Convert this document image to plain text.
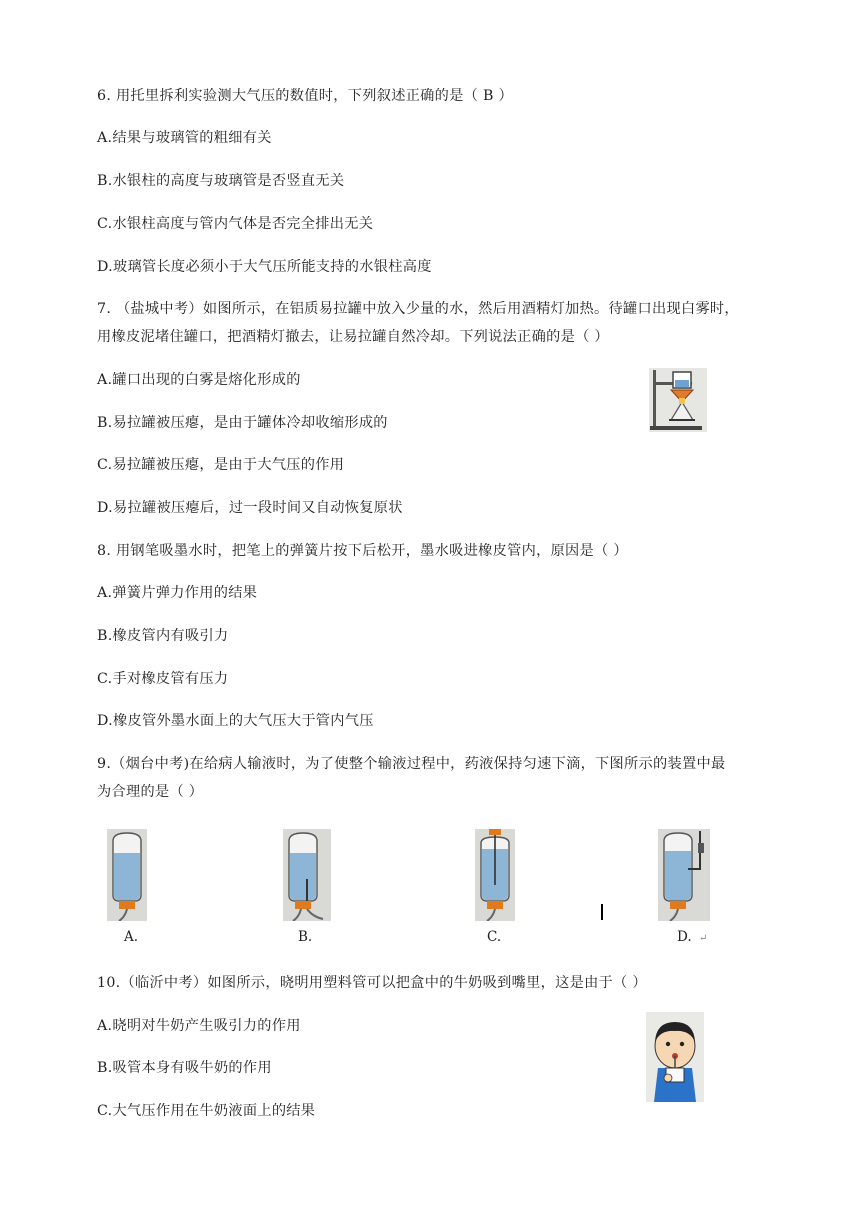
6. 用托里拆利实验测大气压的数值时，下列叙述正确的是（ B ）
A.结果与玻璃管的粗细有关
B.水银柱的高度与玻璃管是否竖直无关
C.水银柱高度与管内气体是否完全排出无关
D.玻璃管长度必须小于大气压所能支持的水银柱高度
7. （盐城中考）如图所示，在铝质易拉罐中放入少量的水，然后用酒精灯加热。待罐口出现白雾时，
用橡皮泥堵住罐口，把酒精灯撤去，让易拉罐自然冷却。下列说法正确的是（ ）
A.罐口出现的白雾是熔化形成的
B.易拉罐被压瘪，是由于罐体冷却收缩形成的
C.易拉罐被压瘪，是由于大气压的作用
D.易拉罐被压瘪后，过一段时间又自动恢复原状
8. 用钢笔吸墨水时，把笔上的弹簧片按下后松开，墨水吸进橡皮管内，原因是（ ）
A.弹簧片弹力作用的结果
B.橡皮管内有吸引力
C.手对橡皮管有压力
D.橡皮管外墨水面上的大气压大于管内气压
9.（烟台中考)在给病人输液时，为了使整个输液过程中，药液保持匀速下滴，下图所示的装置中最
为合理的是（ ）
A.	B.	C.	D. ↵
10.（临沂中考）如图所示，晓明用塑料管可以把盒中的牛奶吸到嘴里，这是由于（ ）
A.晓明对牛奶产生吸引力的作用
B.吸管本身有吸牛奶的作用
C.大气压作用在牛奶液面上的结果
